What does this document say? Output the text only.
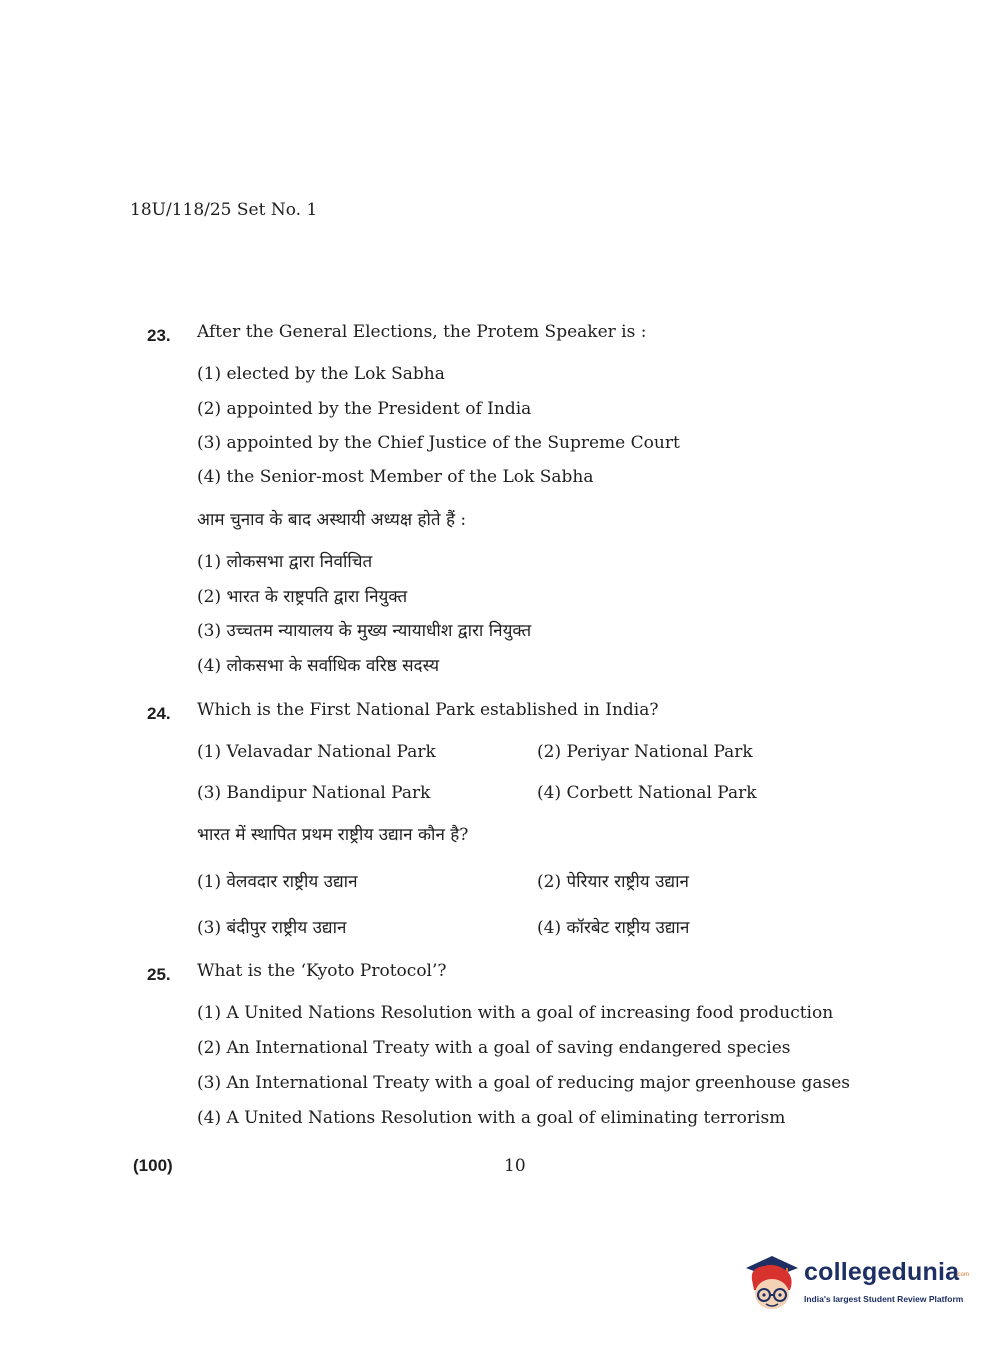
18U/118/25 Set No. 1
23. After the General Elections, the Protem Speaker is :
(1) elected by the Lok Sabha
(2) appointed by the President of India
(3) appointed by the Chief Justice of the Supreme Court
(4) the Senior-most Member of the Lok Sabha
आम चुनाव के बाद अस्थायी अध्यक्ष होते हैं :
(1) लोकसभा द्वारा निर्वाचित
(2) भारत के राष्ट्रपति द्वारा नियुक्त
(3) उच्चतम न्यायालय के मुख्य न्यायाधीश द्वारा नियुक्त
(4) लोकसभा के सर्वाधिक वरिष्ठ सदस्य
24. Which is the First National Park established in India?
(1) Velavadar National Park	(2) Periyar National Park
(3) Bandipur National Park	(4) Corbett National Park
भारत में स्थापित प्रथम राष्ट्रीय उद्यान कौन है?
(1) वेलवदार राष्ट्रीय उद्यान	(2) पेरियार राष्ट्रीय उद्यान
(3) बंदीपुर राष्ट्रीय उद्यान	(4) कॉरबेट राष्ट्रीय उद्यान
25. What is the ‘Kyoto Protocol’?
(1) A United Nations Resolution with a goal of increasing food production
(2) An International Treaty with a goal of saving endangered species
(3) An International Treaty with a goal of reducing major greenhouse gases
(4) A United Nations Resolution with a goal of eliminating terrorism
(100)	10
collegedunia
.com
India's largest Student Review Platform
